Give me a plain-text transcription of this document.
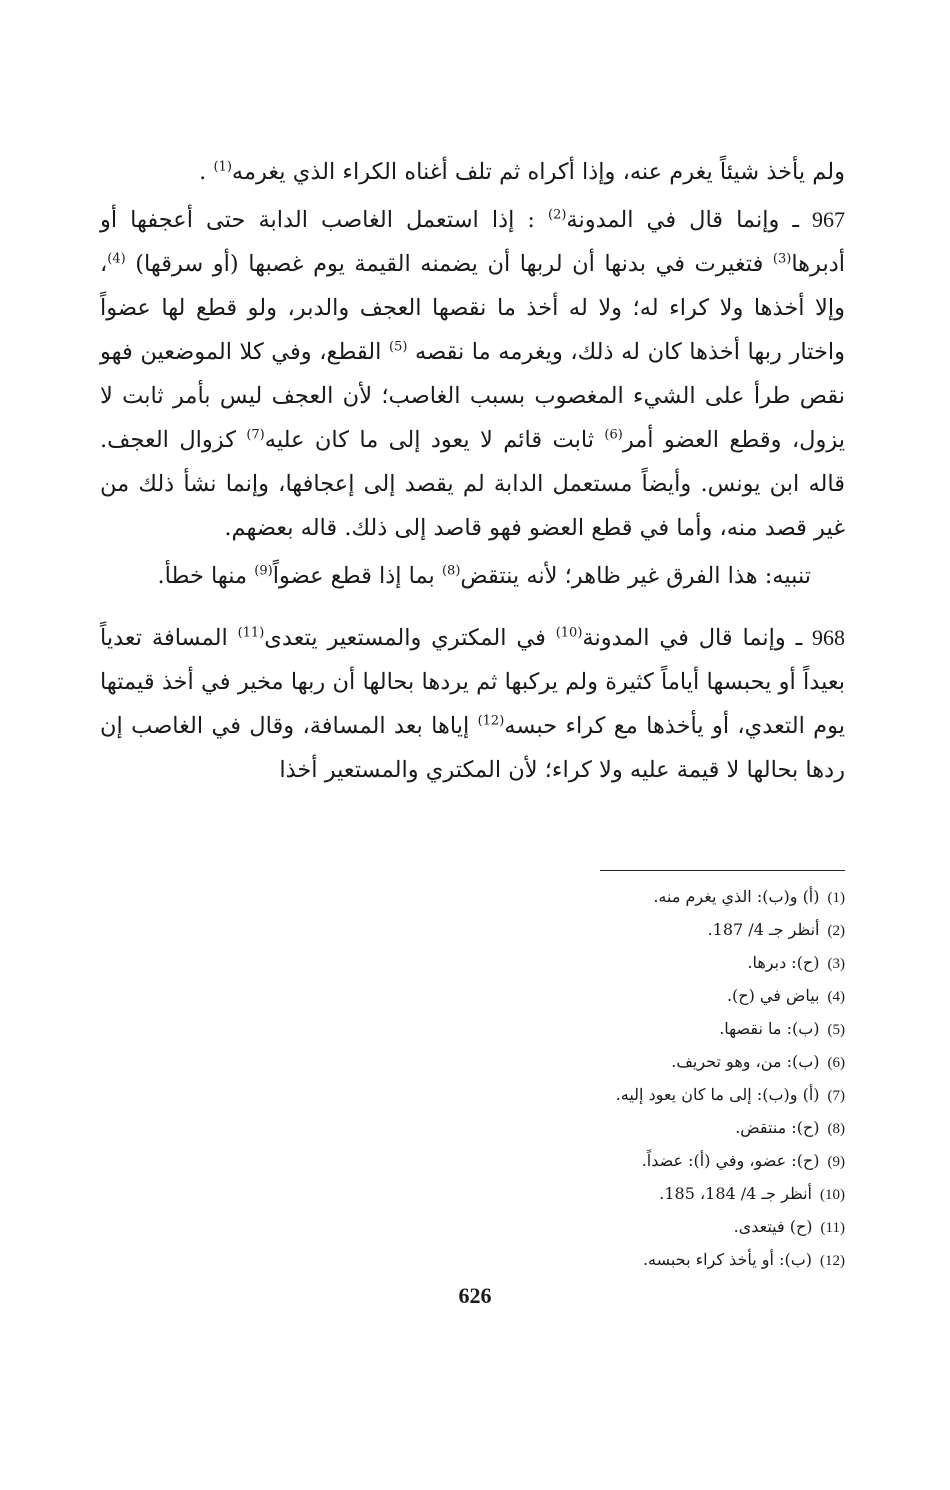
ولم يأخذ شيئاً يغرم عنه، وإذا أكراه ثم تلف أغناه الكراء الذي يغرمه$^{(1)}$ .

967 ـ وإنما قال في المدونة$^{(2)}$ : إذا استعمل الغاصب الدابة حتى أعجفها أو أدبرها$^{(3)}$ فتغيرت في بدنها أن لربها أن يضمنه القيمة يوم غصبها (أو سرقها) $^{(4)}$، وإلا أخذها ولا كراء له؛ ولا له أخذ ما نقصها العجف والدبر، ولو قطع لها عضواً واختار ربها أخذها كان له ذلك، ويغرمه ما نقصه $^{(5)}$ القطع، وفي كلا الموضعين فهو نقص طرأ على الشيء المغصوب بسبب الغاصب؛ لأن العجف ليس بأمر ثابت لا يزول، وقطع العضو أمر$^{(6)}$ ثابت قائم لا يعود إلى ما كان عليه$^{(7)}$ كزوال العجف. قاله ابن يونس. وأيضاً مستعمل الدابة لم يقصد إلى إعجافها، وإنما نشأ ذلك من غير قصد منه، وأما في قطع العضو فهو قاصد إلى ذلك. قاله بعضهم.

تنبيه: هذا الفرق غير ظاهر؛ لأنه ينتقض$^{(8)}$ بما إذا قطع عضواً$^{(9)}$ منها خطأ.

968 ـ وإنما قال في المدونة$^{(10)}$ في المكتري والمستعير يتعدى$^{(11)}$ المسافة تعدياً بعيداً أو يحبسها أياماً كثيرة ولم يركبها ثم يردها بحالها أن ربها مخير في أخذ قيمتها يوم التعدي، أو يأخذها مع كراء حبسه$^{(12)}$ إياها بعد المسافة، وقال في الغاصب إن ردها بحالها لا قيمة عليه ولا كراء؛ لأن المكتري والمستعير أخذا

(1)(أ) و(ب): الذي يغرم منه.
(2)أنظر جـ 4/ 187.
(3)(ح): دبرها.
(4)بياض في (ح).
(5)(ب): ما نقصها.
(6)(ب): من، وهو تحريف.
(7)(أ) و(ب): إلى ما كان يعود إليه.
(8)(ح): منتقض.
(9)(ح): عضو، وفي (أ): عضداً.
(10)أنظر جـ 4/ 184، 185.
(11)(ح) فيتعدى.
(12)(ب): أو يأخذ كراء بحبسه.
626
